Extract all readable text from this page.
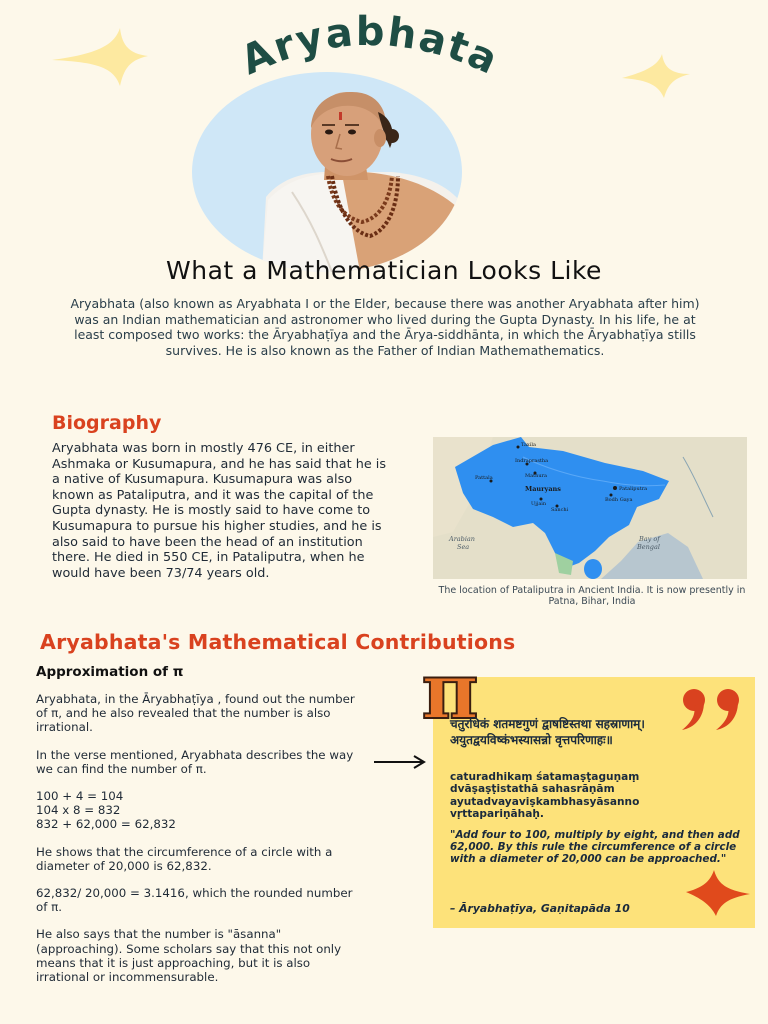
Aryabhata
What a Mathematician Looks Like
Aryabhata (also known as Aryabhata I or the Elder, because there was another Aryabhata after him) was an Indian mathematician and astronomer who lived during the Gupta Dynasty. In his life, he at least composed two works: the Āryabhaṭīya and the Ārya-siddhānta, in which the Āryabhaṭīya stills survives. He is also known as the Father of Indian Mathemathematics.
Biography
Aryabhata was born in mostly 476 CE, in either Ashmaka or Kusumapura, and he has said that he is a native of Kusumapura. Kusumapura was also known as Pataliputra, and it was the capital of the Gupta dynasty. He is mostly said to have come to Kusumapura to pursue his higher studies, and he is also said to have been the head of an institution there. He died in 550 CE, in Pataliputra, when he would have been 73/74 years old.
Taxila
Indraprastha
Mathura
Pattala
Pataliputra
Ujjain
Bodh Gaya
Sanchi
Mauryans
Arabian
Sea
Bay of
Bengal
The location of Pataliputra in Ancient India. It is now presently in Patna, Bihar, India
Aryabhata's Mathematical Contributions
Approximation of π

Aryabhata, in the Āryabhaṭīya , found out the number of π, and he also revealed that the number is also irrational.

In the verse mentioned, Aryabhata describes the way we can find the number of π.

100 + 4 = 104
104 x 8 = 832
832 + 62,000 = 62,832

He shows that the circumference of a circle with a diameter of 20,000 is 62,832.

62,832/ 20,000 = 3.1416, which the rounded number of π.

He also says that the number is "āsanna" (approaching). Some scholars say that this not only means that it is just approaching, but it is also irrational or incommensurable.

π
चतुरधिकं शतमष्टगुणं द्वाषष्टिस्तथा सहस्राणाम्। अयुतद्वयविष्कंभस्यासन्नो वृत्तपरिणाहः॥
caturadhikaṃ śatamaṣṭaguṇaṃ dvāṣaṣṭistathā sahasrāṇām ayutadvayaviṣkambhasyāsanno vṛttapariṇāhaḥ.
"Add four to 100, multiply by eight, and then add 62,000. By this rule the circumference of a circle with a diameter of 20,000 can be approached."
– Āryabhaṭīya, Gaṇitapāda 10
